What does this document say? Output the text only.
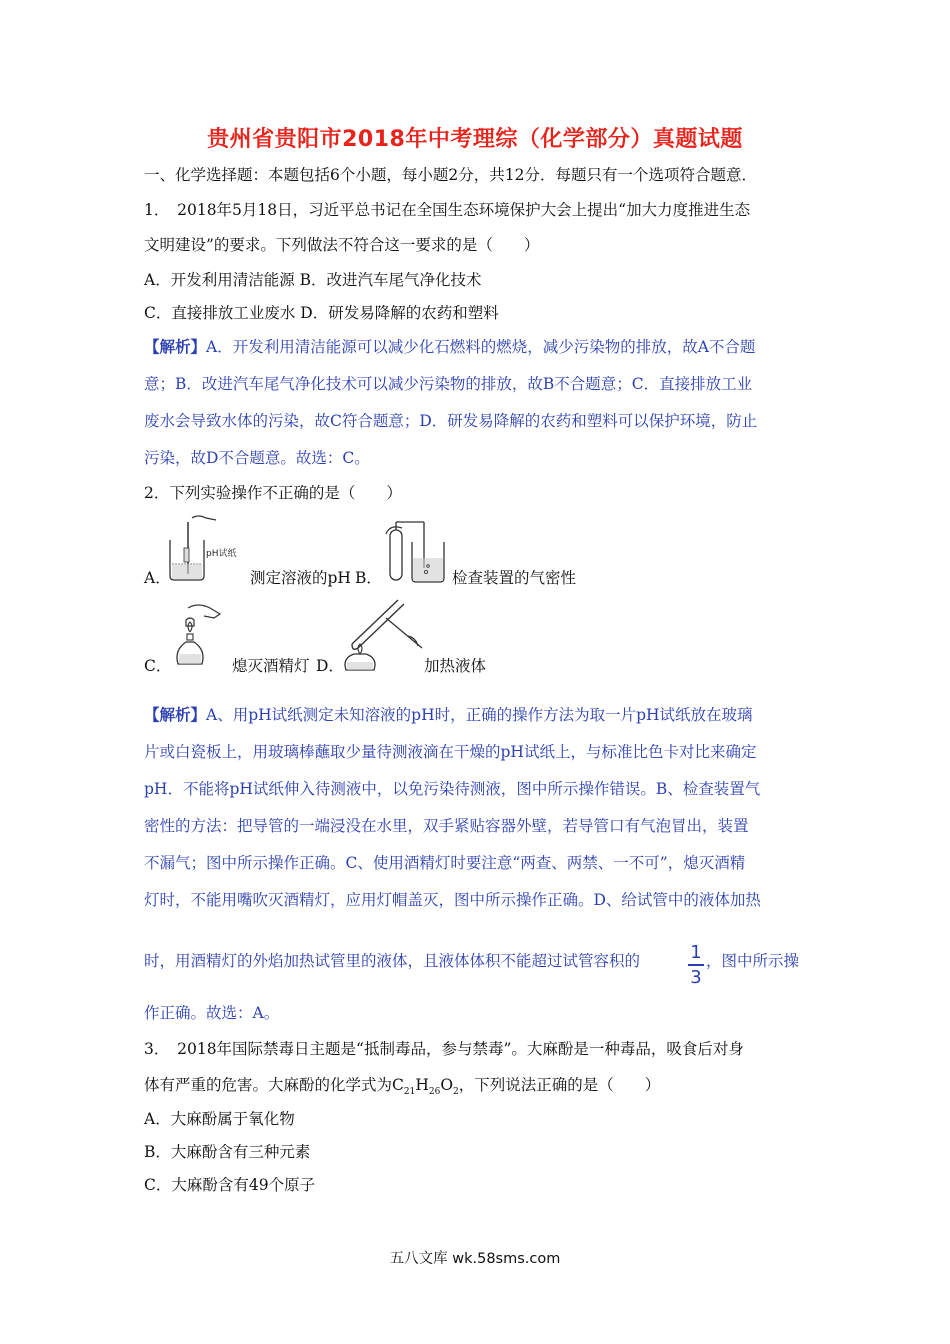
贵州省贵阳市2018年中考理综（化学部分）真题试题
一、化学选择题：本题包括6个小题，每小题2分，共12分．每题只有一个选项符合题意．
1．　2018年5月18日，习近平总书记在全国生态环境保护大会上提出“加大力度推进生态
文明建设”的要求。下列做法不符合这一要求的是（　　）
A．开发利用清洁能源 B．改进汽车尾气净化技术
C．直接排放工业废水 D．研发易降解的农药和塑料
【解析】A．开发利用清洁能源可以减少化石燃料的燃烧，减少污染物的排放，故A不合题
意；B．改进汽车尾气净化技术可以减少污染物的排放，故B不合题意；C．直接排放工业
废水会导致水体的污染，故C符合题意；D．研发易降解的农药和塑料可以保护环境，防止
污染，故D不合题意。故选：C。
2．下列实验操作不正确的是（　　）
A．
pH试纸
测定溶液的pH B．	检查装置的气密性
C．	熄灭酒精灯 D．	加热液体
【解析】A、用pH试纸测定未知溶液的pH时，正确的操作方法为取一片pH试纸放在玻璃
片或白瓷板上，用玻璃棒蘸取少量待测液滴在干燥的pH试纸上，与标准比色卡对比来确定
pH．不能将pH试纸伸入待测液中，以免污染待测液，图中所示操作错误。B、检查装置气
密性的方法：把导管的一端浸没在水里，双手紧贴容器外壁，若导管口有气泡冒出，装置
不漏气；图中所示操作正确。C、使用酒精灯时要注意“两查、两禁、一不可”，熄灭酒精
灯时，不能用嘴吹灭酒精灯，应用灯帽盖灭，图中所示操作正确。D、给试管中的液体加热
时，用酒精灯的外焰加热试管里的液体，且液体体积不能超过试管容积的	1
3
，图中所示操
作正确。故选：A。
3．　2018年国际禁毒日主题是“抵制毒品，参与禁毒”。大麻酚是一种毒品，吸食后对身
体有严重的危害。大麻酚的化学式为$C_{21}H_{26}O_2$，下列说法正确的是（　　）
A．大麻酚属于氧化物
B．大麻酚含有三种元素
C．大麻酚含有49个原子
五八文库 wk.58sms.com
